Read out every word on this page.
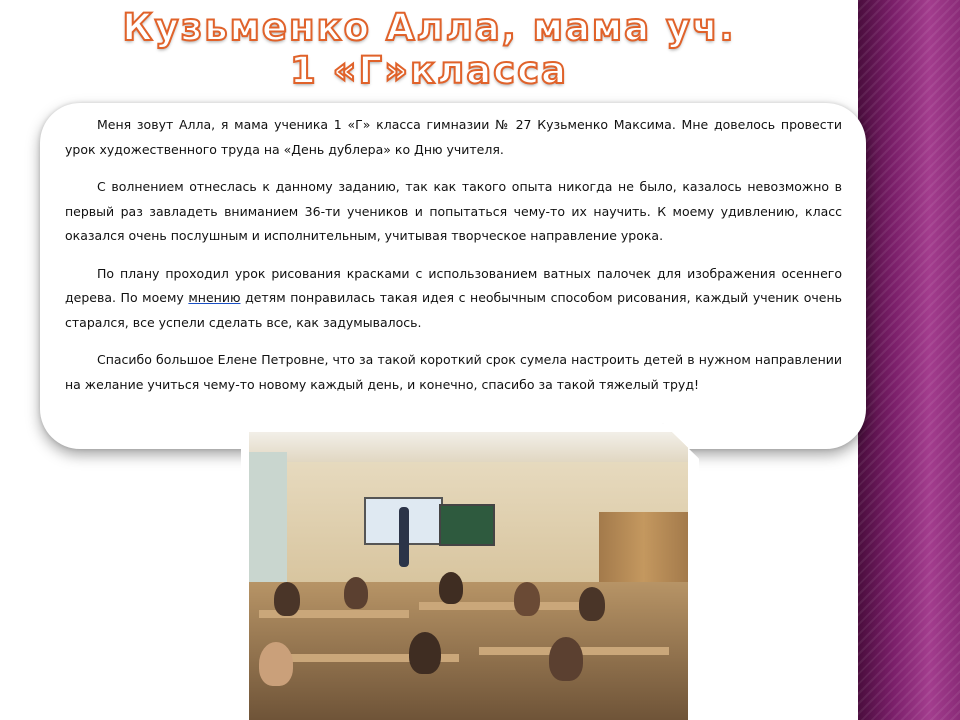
Кузьменко Алла, мама уч.
1 «Г»класса

Меня зовут Алла, я мама ученика 1 «Г» класса гимназии № 27 Кузьменко Максима. Мне довелось провести урок художественного труда на «День дублера» ко Дню учителя.

С волнением отнеслась к данному заданию, так как такого опыта никогда не было, казалось невозможно в первый раз завладеть вниманием 36-ти учеников и попытаться чему-то их научить. К моему удивлению, класс оказался очень послушным и исполнительным, учитывая творческое направление урока.

По плану проходил урок рисования красками с использованием ватных палочек для изображения осеннего дерева. По моему мнению детям понравилась такая идея с необычным способом рисования, каждый ученик очень старался, все успели сделать все, как задумывалось.

Спасибо большое Елене Петровне, что за такой короткий срок сумела настроить детей в нужном направлении на желание учиться чему-то новому каждый день, и конечно, спасибо за такой тяжелый труд!
